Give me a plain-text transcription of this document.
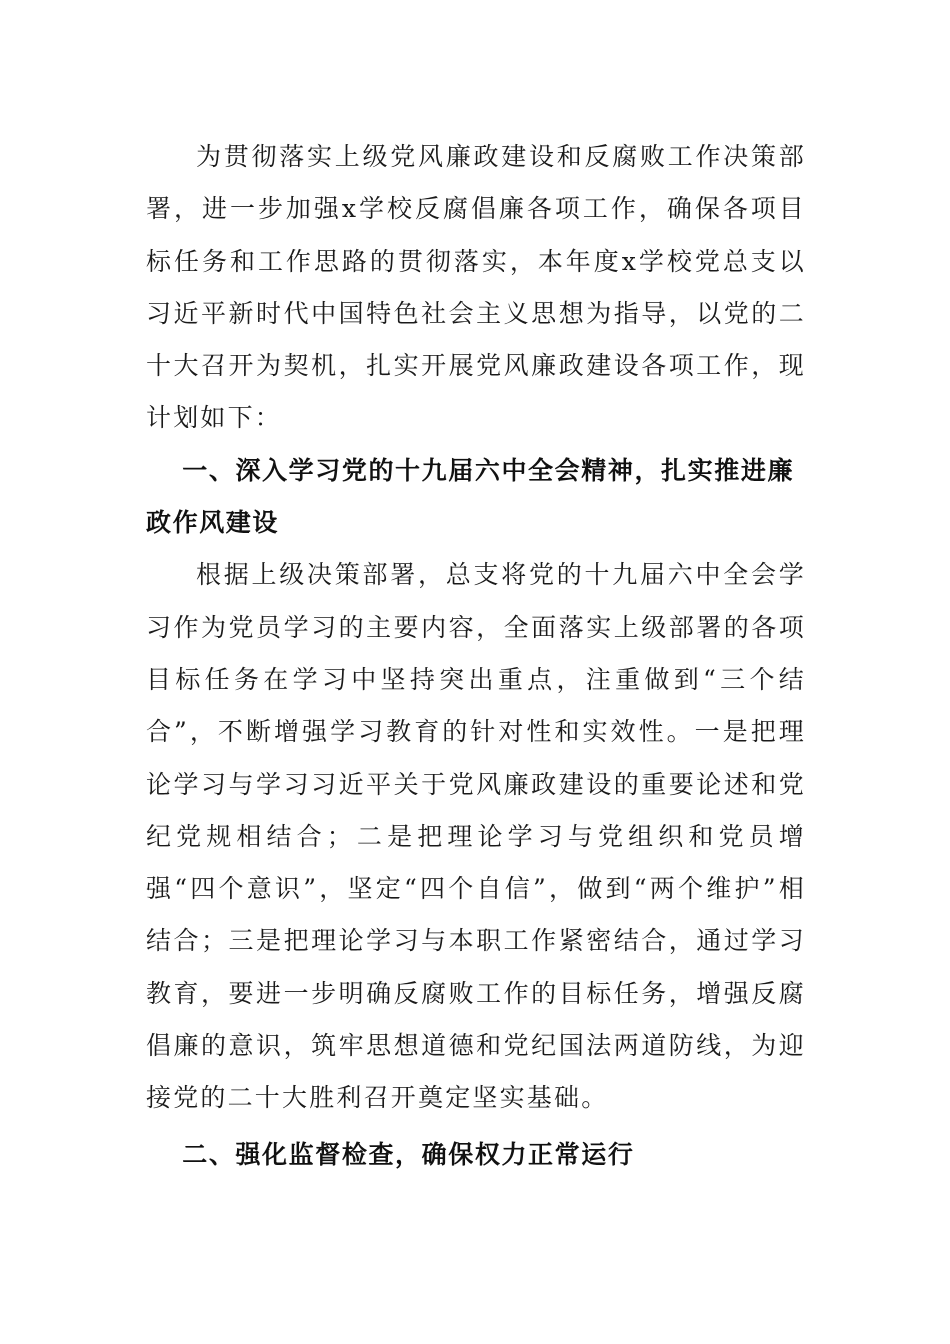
为贯彻落实上级党风廉政建设和反腐败工作决策部署，进一步加强x学校反腐倡廉各项工作，确保各项目标任务和工作思路的贯彻落实，本年度x学校党总支以习近平新时代中国特色社会主义思想为指导，以党的二十大召开为契机，扎实开展党风廉政建设各项工作，现计划如下：

一、深入学习党的十九届六中全会精神，扎实推进廉政作风建设

根据上级决策部署，总支将党的十九届六中全会学习作为党员学习的主要内容，全面落实上级部署的各项目标任务在学习中坚持突出重点，注重做到“三个结合”，不断增强学习教育的针对性和实效性。一是把理论学习与学习习近平关于党风廉政建设的重要论述和党纪党规相结合；二是把理论学习与党组织和党员增强“四个意识”，坚定“四个自信”，做到“两个维护”相结合；三是把理论学习与本职工作紧密结合，通过学习教育，要进一步明确反腐败工作的目标任务，增强反腐倡廉的意识，筑牢思想道德和党纪国法两道防线，为迎接党的二十大胜利召开奠定坚实基础。

二、强化监督检查，确保权力正常运行
